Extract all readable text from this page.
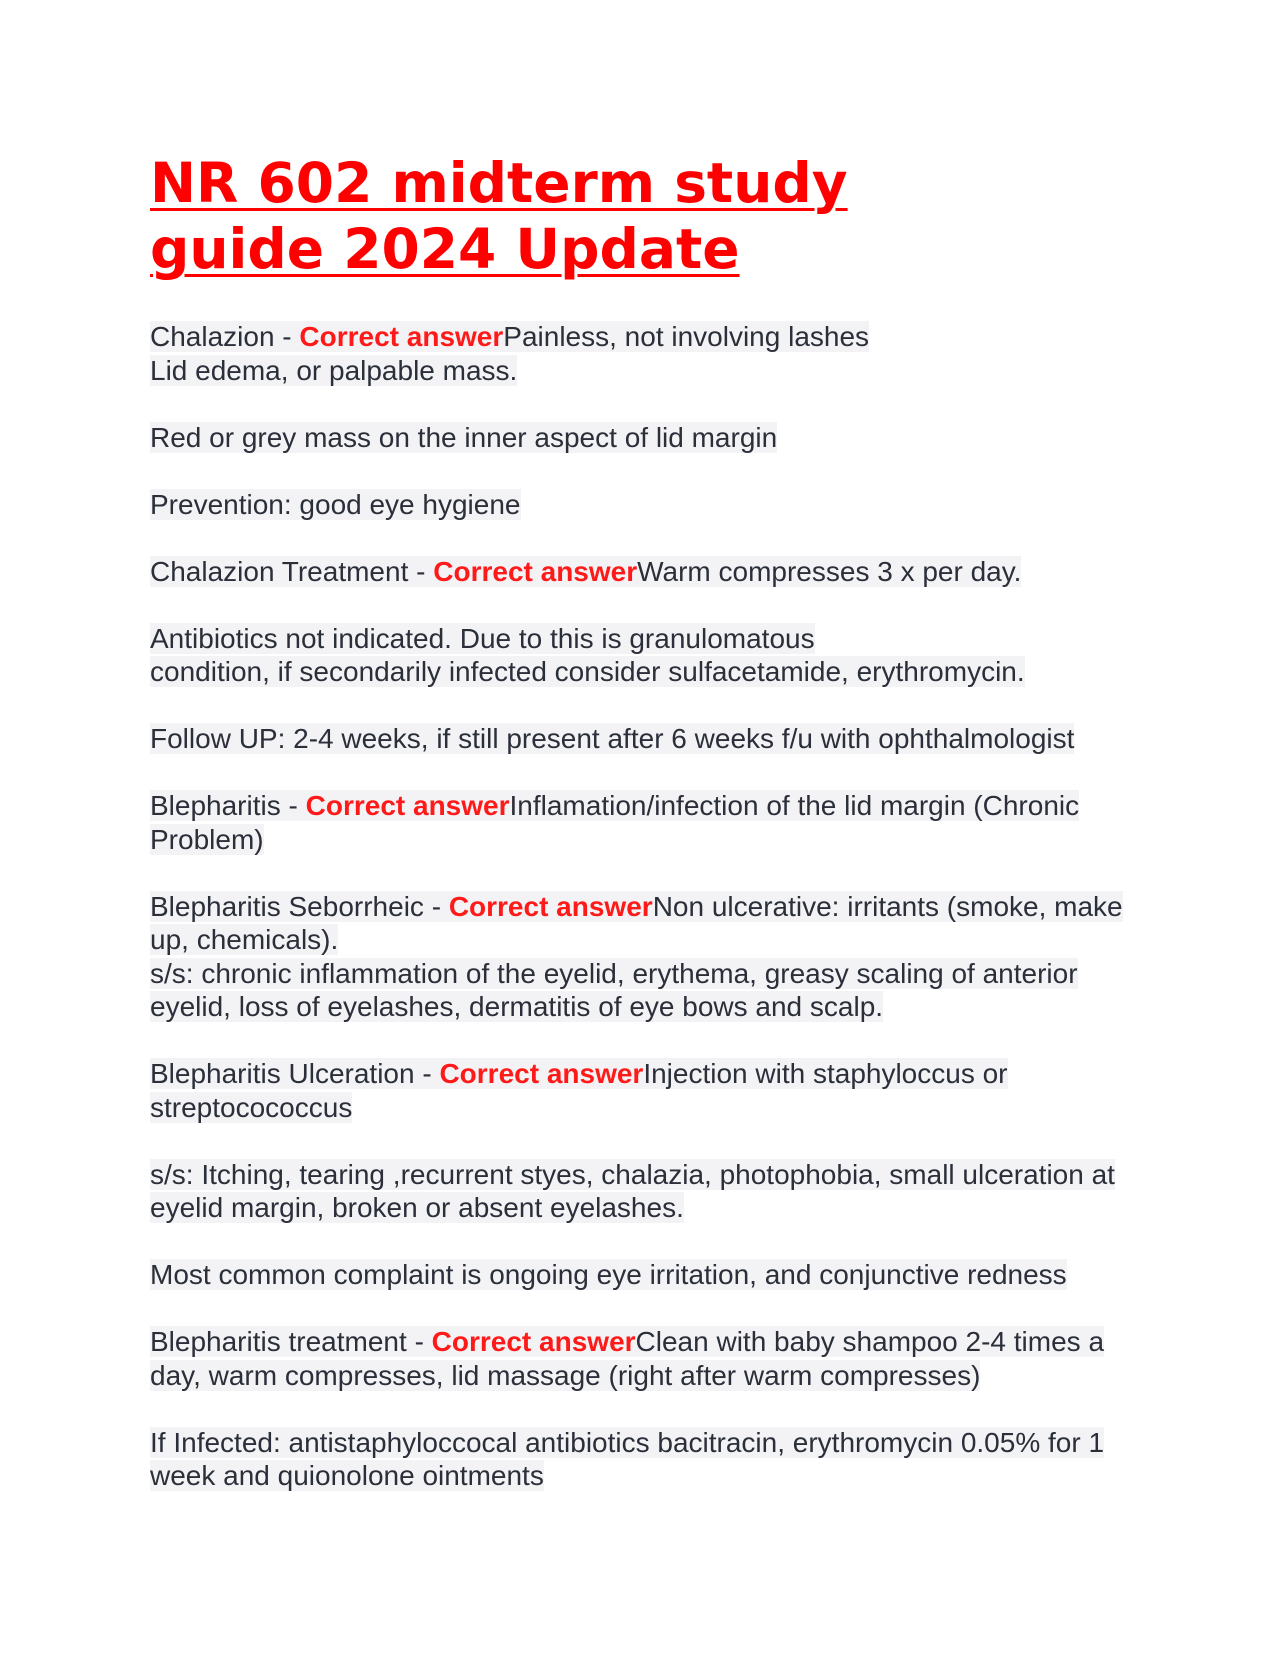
NR 602 midterm study guide 2024 Update

Chalazion - Correct answerPainless, not involving lashes
Lid edema, or palpable mass.

Red or grey mass on the inner aspect of lid margin

Prevention: good eye hygiene

Chalazion Treatment - Correct answerWarm compresses 3 x per day.

Antibiotics not indicated. Due to this is granulomatous
condition, if secondarily infected consider sulfacetamide, erythromycin.

Follow UP: 2-4 weeks, if still present after 6 weeks f/u with ophthalmologist

Blepharitis - Correct answerInflamation/infection of the lid margin (Chronic Problem)

Blepharitis Seborrheic - Correct answerNon ulcerative: irritants (smoke, make up, chemicals).
s/s: chronic inflammation of the eyelid, erythema, greasy scaling of anterior eyelid, loss of eyelashes, dermatitis of eye bows and scalp.

Blepharitis Ulceration - Correct answerInjection with staphyloccus or streptocococcus

s/s: Itching, tearing ,recurrent styes, chalazia, photophobia, small ulceration at eyelid margin, broken or absent eyelashes.

Most common complaint is ongoing eye irritation, and conjunctive redness

Blepharitis treatment - Correct answerClean with baby shampoo 2-4 times a day, warm compresses, lid massage (right after warm compresses)

If Infected: antistaphyloccocal antibiotics bacitracin, erythromycin 0.05% for 1 week and quionolone ointments
